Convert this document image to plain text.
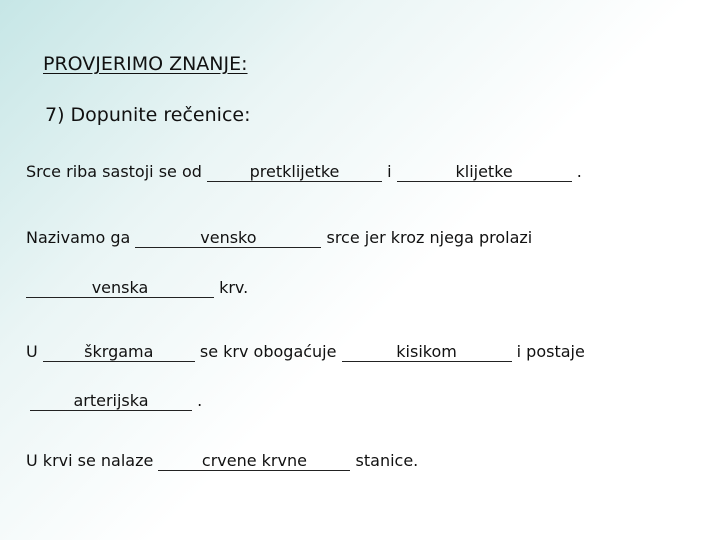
PROVJERIMO ZNANJE:
7) Dopunite rečenice:
Srce riba sastoji se od	pretklijetke	i	klijetke	.
Nazivamo ga	vensko	srce jer kroz njega prolazi
venska	krv.
U	škrgama	se krv obogaćuje	kisikom	i postaje
arterijska	.
U krvi se nalaze	crvene krvne	stanice.
